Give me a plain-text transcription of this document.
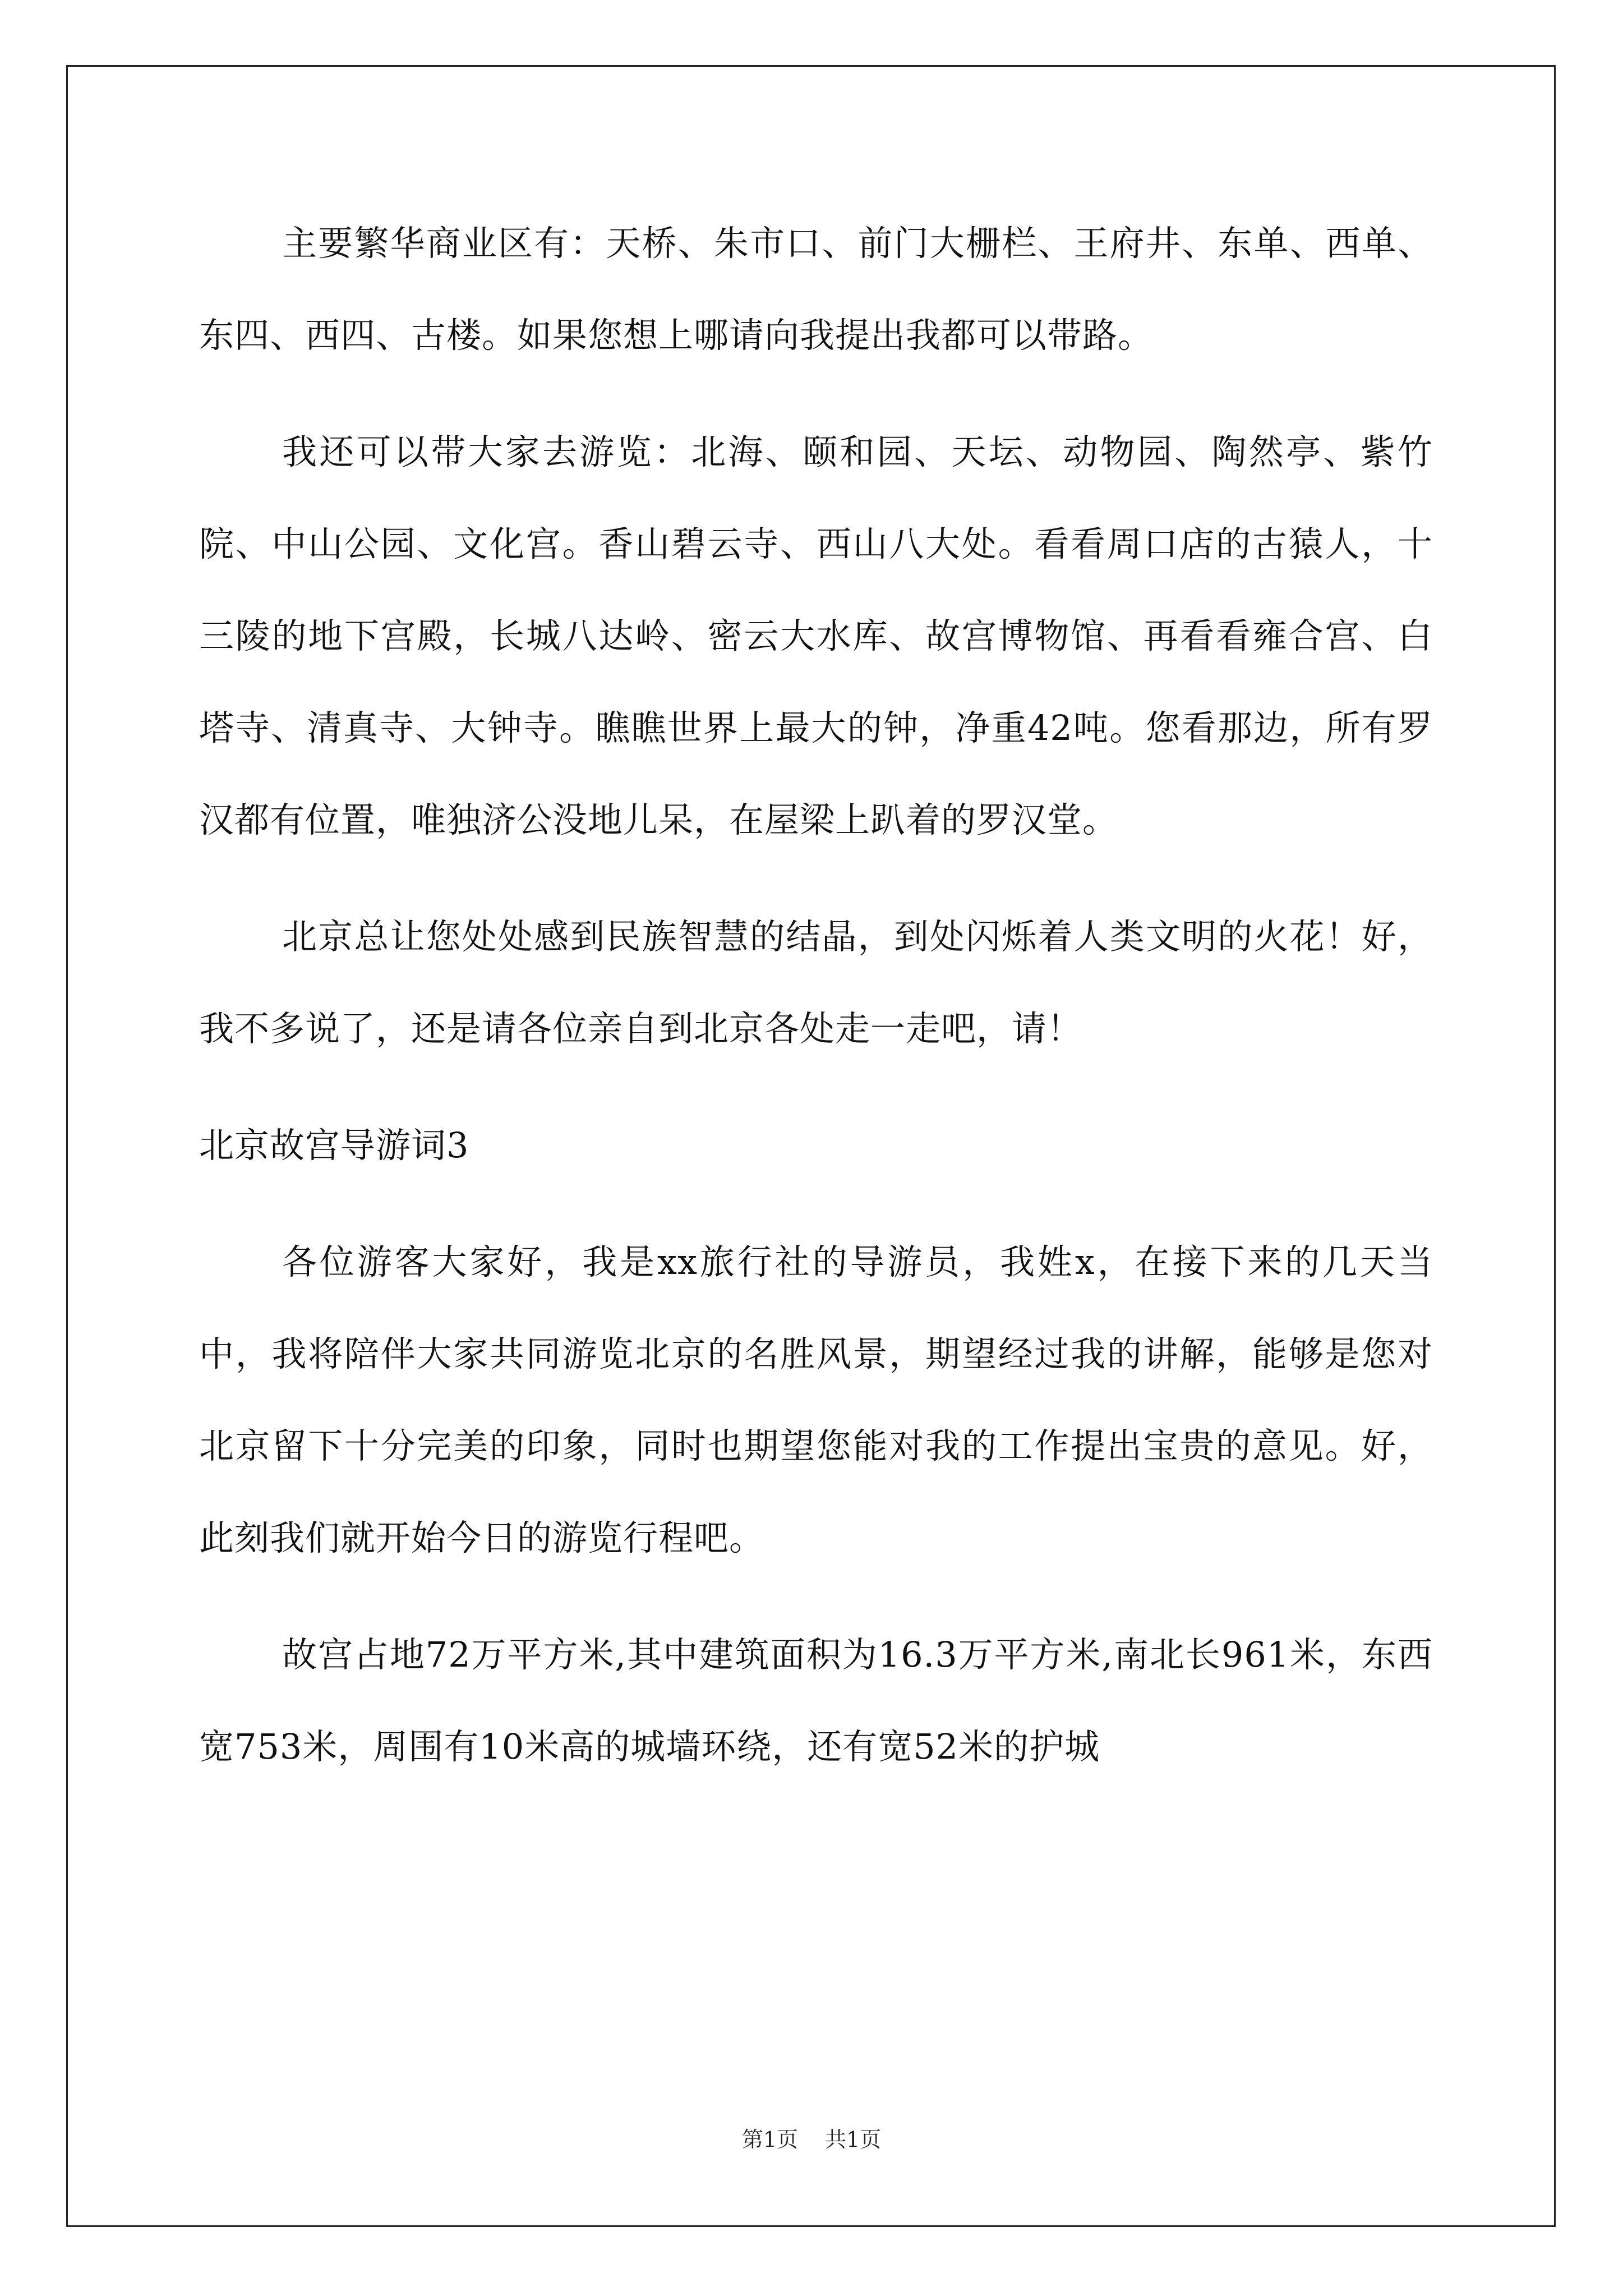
主要繁华商业区有：天桥、朱市口、前门大栅栏、王府井、东单、西单、东四、西四、古楼。如果您想上哪请向我提出我都可以带路。

我还可以带大家去游览：北海、颐和园、天坛、动物园、陶然亭、紫竹院、中山公园、文化宫。香山碧云寺、西山八大处。看看周口店的古猿人，十三陵的地下宫殿，长城八达岭、密云大水库、故宫博物馆、再看看雍合宫、白塔寺、清真寺、大钟寺。瞧瞧世界上最大的钟，净重42吨。您看那边，所有罗汉都有位置，唯独济公没地儿呆，在屋梁上趴着的罗汉堂。

北京总让您处处感到民族智慧的结晶，到处闪烁着人类文明的火花！好，我不多说了，还是请各位亲自到北京各处走一走吧，请！

北京故宫导游词3

各位游客大家好，我是xx旅行社的导游员，我姓x，在接下来的几天当中，我将陪伴大家共同游览北京的名胜风景，期望经过我的讲解，能够是您对北京留下十分完美的印象，同时也期望您能对我的工作提出宝贵的意见。好，此刻我们就开始今日的游览行程吧。

故宫占地72万平方米,其中建筑面积为16.3万平方米,南北长961米，东西宽753米，周围有10米高的城墙环绕，还有宽52米的护城

第1页 共1页
